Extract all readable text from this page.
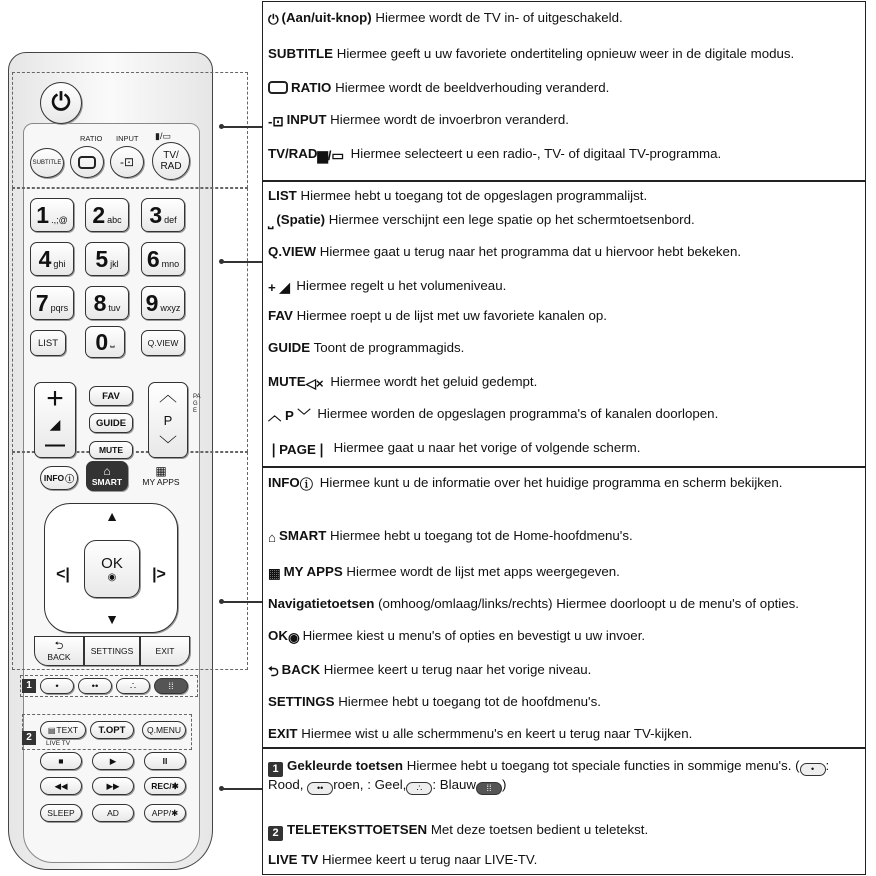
⏻
RATIO INPUT ▮/▭
SUBTITLE	-⊡	TV/
RAD
1 .,;@ 2 abc 3 def
4 ghi 5 jkl 6 mno
7 pqrs 8 tuv 9 wxyz
LIST	0 ⎵	Q.VIEW
+
◢
—
FAV
GUIDE
MUTE
︿
P
﹀
PAGE
INFO ⓘ
⌂
SMART
▦
MY APPS
▲
<|	|>
▼
OK
◉
⮌
BACK
SETTINGS	EXIT
1	•	••	∴	⁞⁞
2
▤ TEXT
LIVE TV
T.OPT	Q.MENU
■	▶	II
◀◀	▶▶	REC/ ✱
SLEEP	AD	APP/ ✱
⏻ (Aan/uit-knop) Hiermee wordt de TV in- of uitgeschakeld.
SUBTITLE Hiermee geeft u uw favoriete ondertiteling opnieuw weer in de digitale modus.
RATIO Hiermee wordt de beeldverhouding veranderd.
-⊡ INPUT Hiermee wordt de invoerbron veranderd.
TV/RAD▆/▭ Hiermee selecteert u een radio-, TV- of digitaal TV-programma.
LIST Hiermee hebt u toegang tot de opgeslagen programmalijst.
⎵ (Spatie) Hiermee verschijnt een lege spatie op het schermtoetsenbord.
Q.VIEW Hiermee gaat u terug naar het programma dat u hiervoor hebt bekeken.
+ ◢ Hiermee regelt u het volumeniveau.
FAV Hiermee roept u de lijst met uw favoriete kanalen op.
GUIDE Toont de programmagids.
MUTE◁× Hiermee wordt het geluid gedempt.
︿ P ﹀ Hiermee worden de opgeslagen programma's of kanalen doorlopen.
❘PAGE❘ Hiermee gaat u naar het vorige of volgende scherm.
INFOⓘ Hiermee kunt u de informatie over het huidige programma en scherm bekijken.
⌂ SMART Hiermee hebt u toegang tot de Home-hoofdmenu's.
▦ MY APPS Hiermee wordt de lijst met apps weergegeven.
Navigatietoetsen (omhoog/omlaag/links/rechts) Hiermee doorloopt u de menu's of opties.
OK◉ Hiermee kiest u menu's of opties en bevestigt u uw invoer.
⮌ BACK Hiermee keert u terug naar het vorige niveau.
SETTINGS Hiermee hebt u toegang tot de hoofdmenu's.
EXIT Hiermee wist u alle schermmenu's en keert u terug naar TV-kijken.
1 Gekleurde toetsen Hiermee hebt u toegang tot speciale functies in sommige menu's. ( • : Rood, •• roen, : Geel, ∴ : Blauw ⁞⁞ )
2 TELETEKSTTOETSEN Met deze toetsen bedient u teletekst.
LIVE TV Hiermee keert u terug naar LIVE-TV.
